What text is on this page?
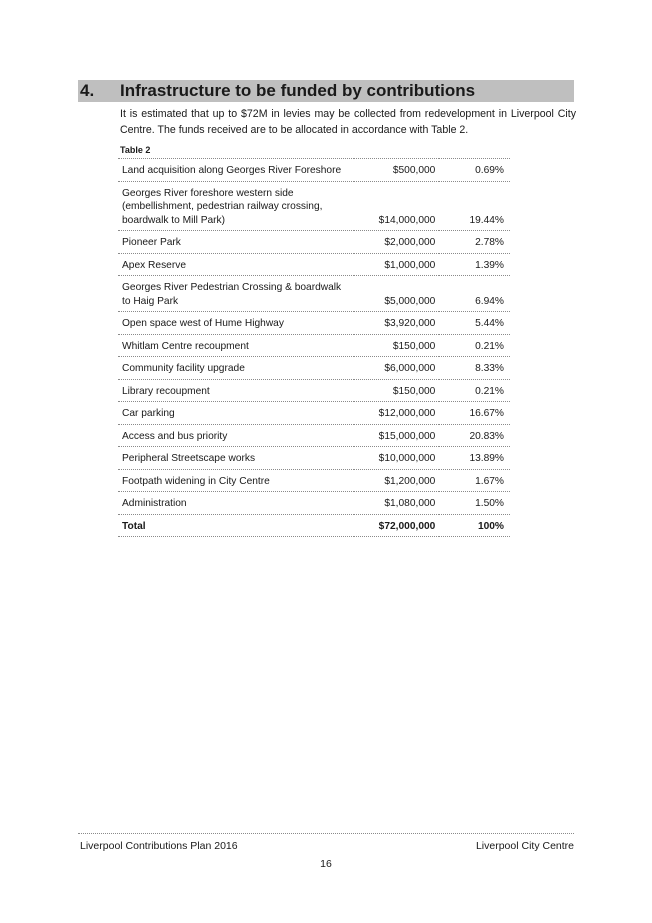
4. Infrastructure to be funded by contributions
It is estimated that up to $72M in levies may be collected from redevelopment in Liverpool City Centre. The funds received are to be allocated in accordance with Table 2.
Table 2
Land acquisition along Georges River Foreshore	$500,000	0.69%
Georges River foreshore western side (embellishment, pedestrian railway crossing, boardwalk to Mill Park)	$14,000,000	19.44%
Pioneer Park	$2,000,000	2.78%
Apex Reserve	$1,000,000	1.39%
Georges River Pedestrian Crossing & boardwalk to Haig Park	$5,000,000	6.94%
Open space west of Hume Highway	$3,920,000	5.44%
Whitlam Centre recoupment	$150,000	0.21%
Community facility upgrade	$6,000,000	8.33%
Library recoupment	$150,000	0.21%
Car parking	$12,000,000	16.67%
Access and bus priority	$15,000,000	20.83%
Peripheral Streetscape works	$10,000,000	13.89%
Footpath widening in City Centre	$1,200,000	1.67%
Administration	$1,080,000	1.50%
Total	$72,000,000	100%
Liverpool Contributions Plan 2016	Liverpool City Centre
16
